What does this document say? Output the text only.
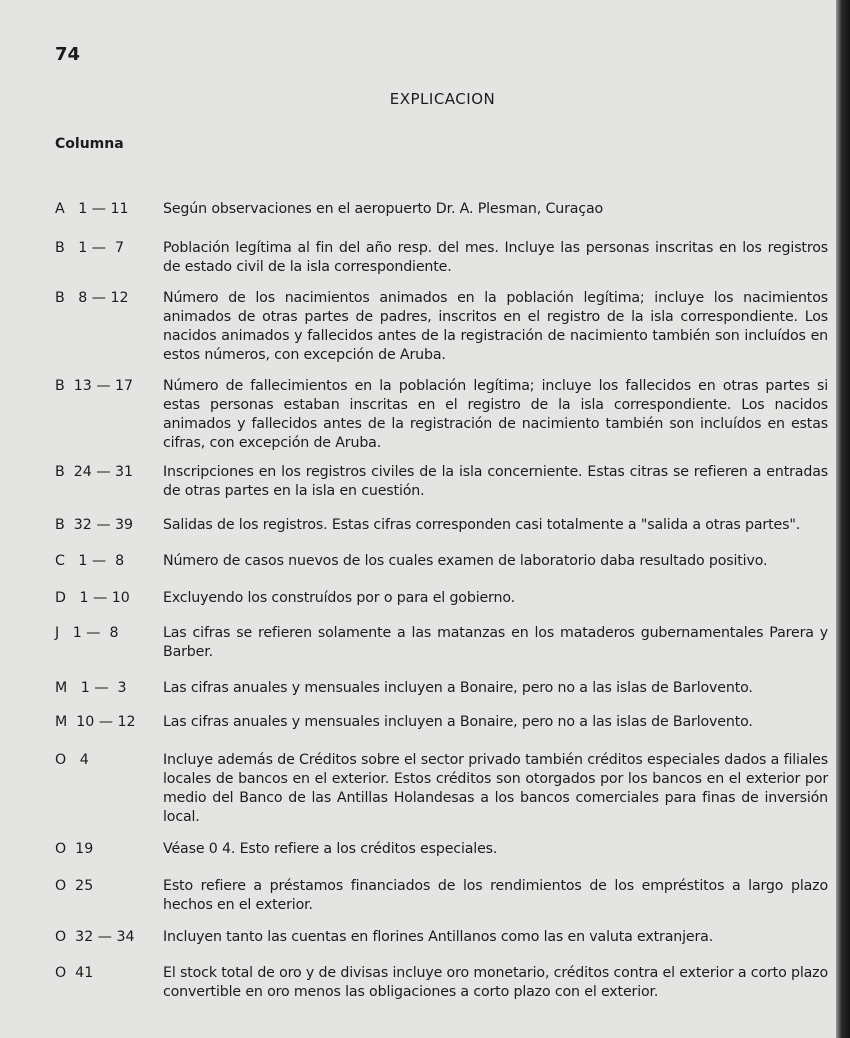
74
EXPLICACION
Columna
A   1 — 11	Según observaciones en el aeropuerto Dr. A. Plesman, Curaçao
B   1 —  7	Población legítima al fin del año resp. del mes. Incluye las personas inscritas en los registros de estado civil de la isla correspondiente.
B   8 — 12	Número de los nacimientos animados en la población legítima; incluye los nacimientos animados de otras partes de padres, inscritos en el registro de la isla correspondiente. Los nacidos animados y fallecidos antes de la registración de nacimiento también son incluídos en estos números, con excepción de Aruba.
B  13 — 17	Número de fallecimientos en la población legítima; incluye los fallecidos en otras partes si estas personas estaban inscritas en el registro de la isla correspondiente. Los nacidos animados y fallecidos antes de la registración de nacimiento también son incluídos en estas cifras, con excepción de Aruba.
B  24 — 31	Inscripciones en los registros civiles de la isla concerniente. Estas citras se refieren a entradas de otras partes en la isla en cuestión.
B  32 — 39	Salidas de los registros. Estas cifras corresponden casi totalmente a "salida a otras partes".
C   1 —  8	Número de casos nuevos de los cuales examen de laboratorio daba resultado positivo.
D   1 — 10	Excluyendo los construídos por o para el gobierno.
J   1 —  8	Las cifras se refieren solamente a las matanzas en los mataderos gubernamentales Parera y Barber.
M   1 —  3	Las cifras anuales y mensuales incluyen a Bonaire, pero no a las islas de Barlovento.
M  10 — 12	Las cifras anuales y mensuales incluyen a Bonaire, pero no a las islas de Barlovento.
O   4	Incluye además de Créditos sobre el sector privado también créditos especiales dados a filiales locales de bancos en el exterior. Estos créditos son otorgados por los bancos en el exterior por medio del Banco de las Antillas Holandesas a los bancos comerciales para finas de inversión local.
O  19	Véase 0 4. Esto refiere a los créditos especiales.
O  25	Esto refiere a préstamos financiados de los rendimientos de los empréstitos a largo plazo hechos en el exterior.
O  32 — 34	Incluyen tanto las cuentas en florines Antillanos como las en valuta extranjera.
O  41	El stock total de oro y de divisas incluye oro monetario, créditos contra el exterior a corto plazo convertible en oro menos las obligaciones a corto plazo con el exterior.
